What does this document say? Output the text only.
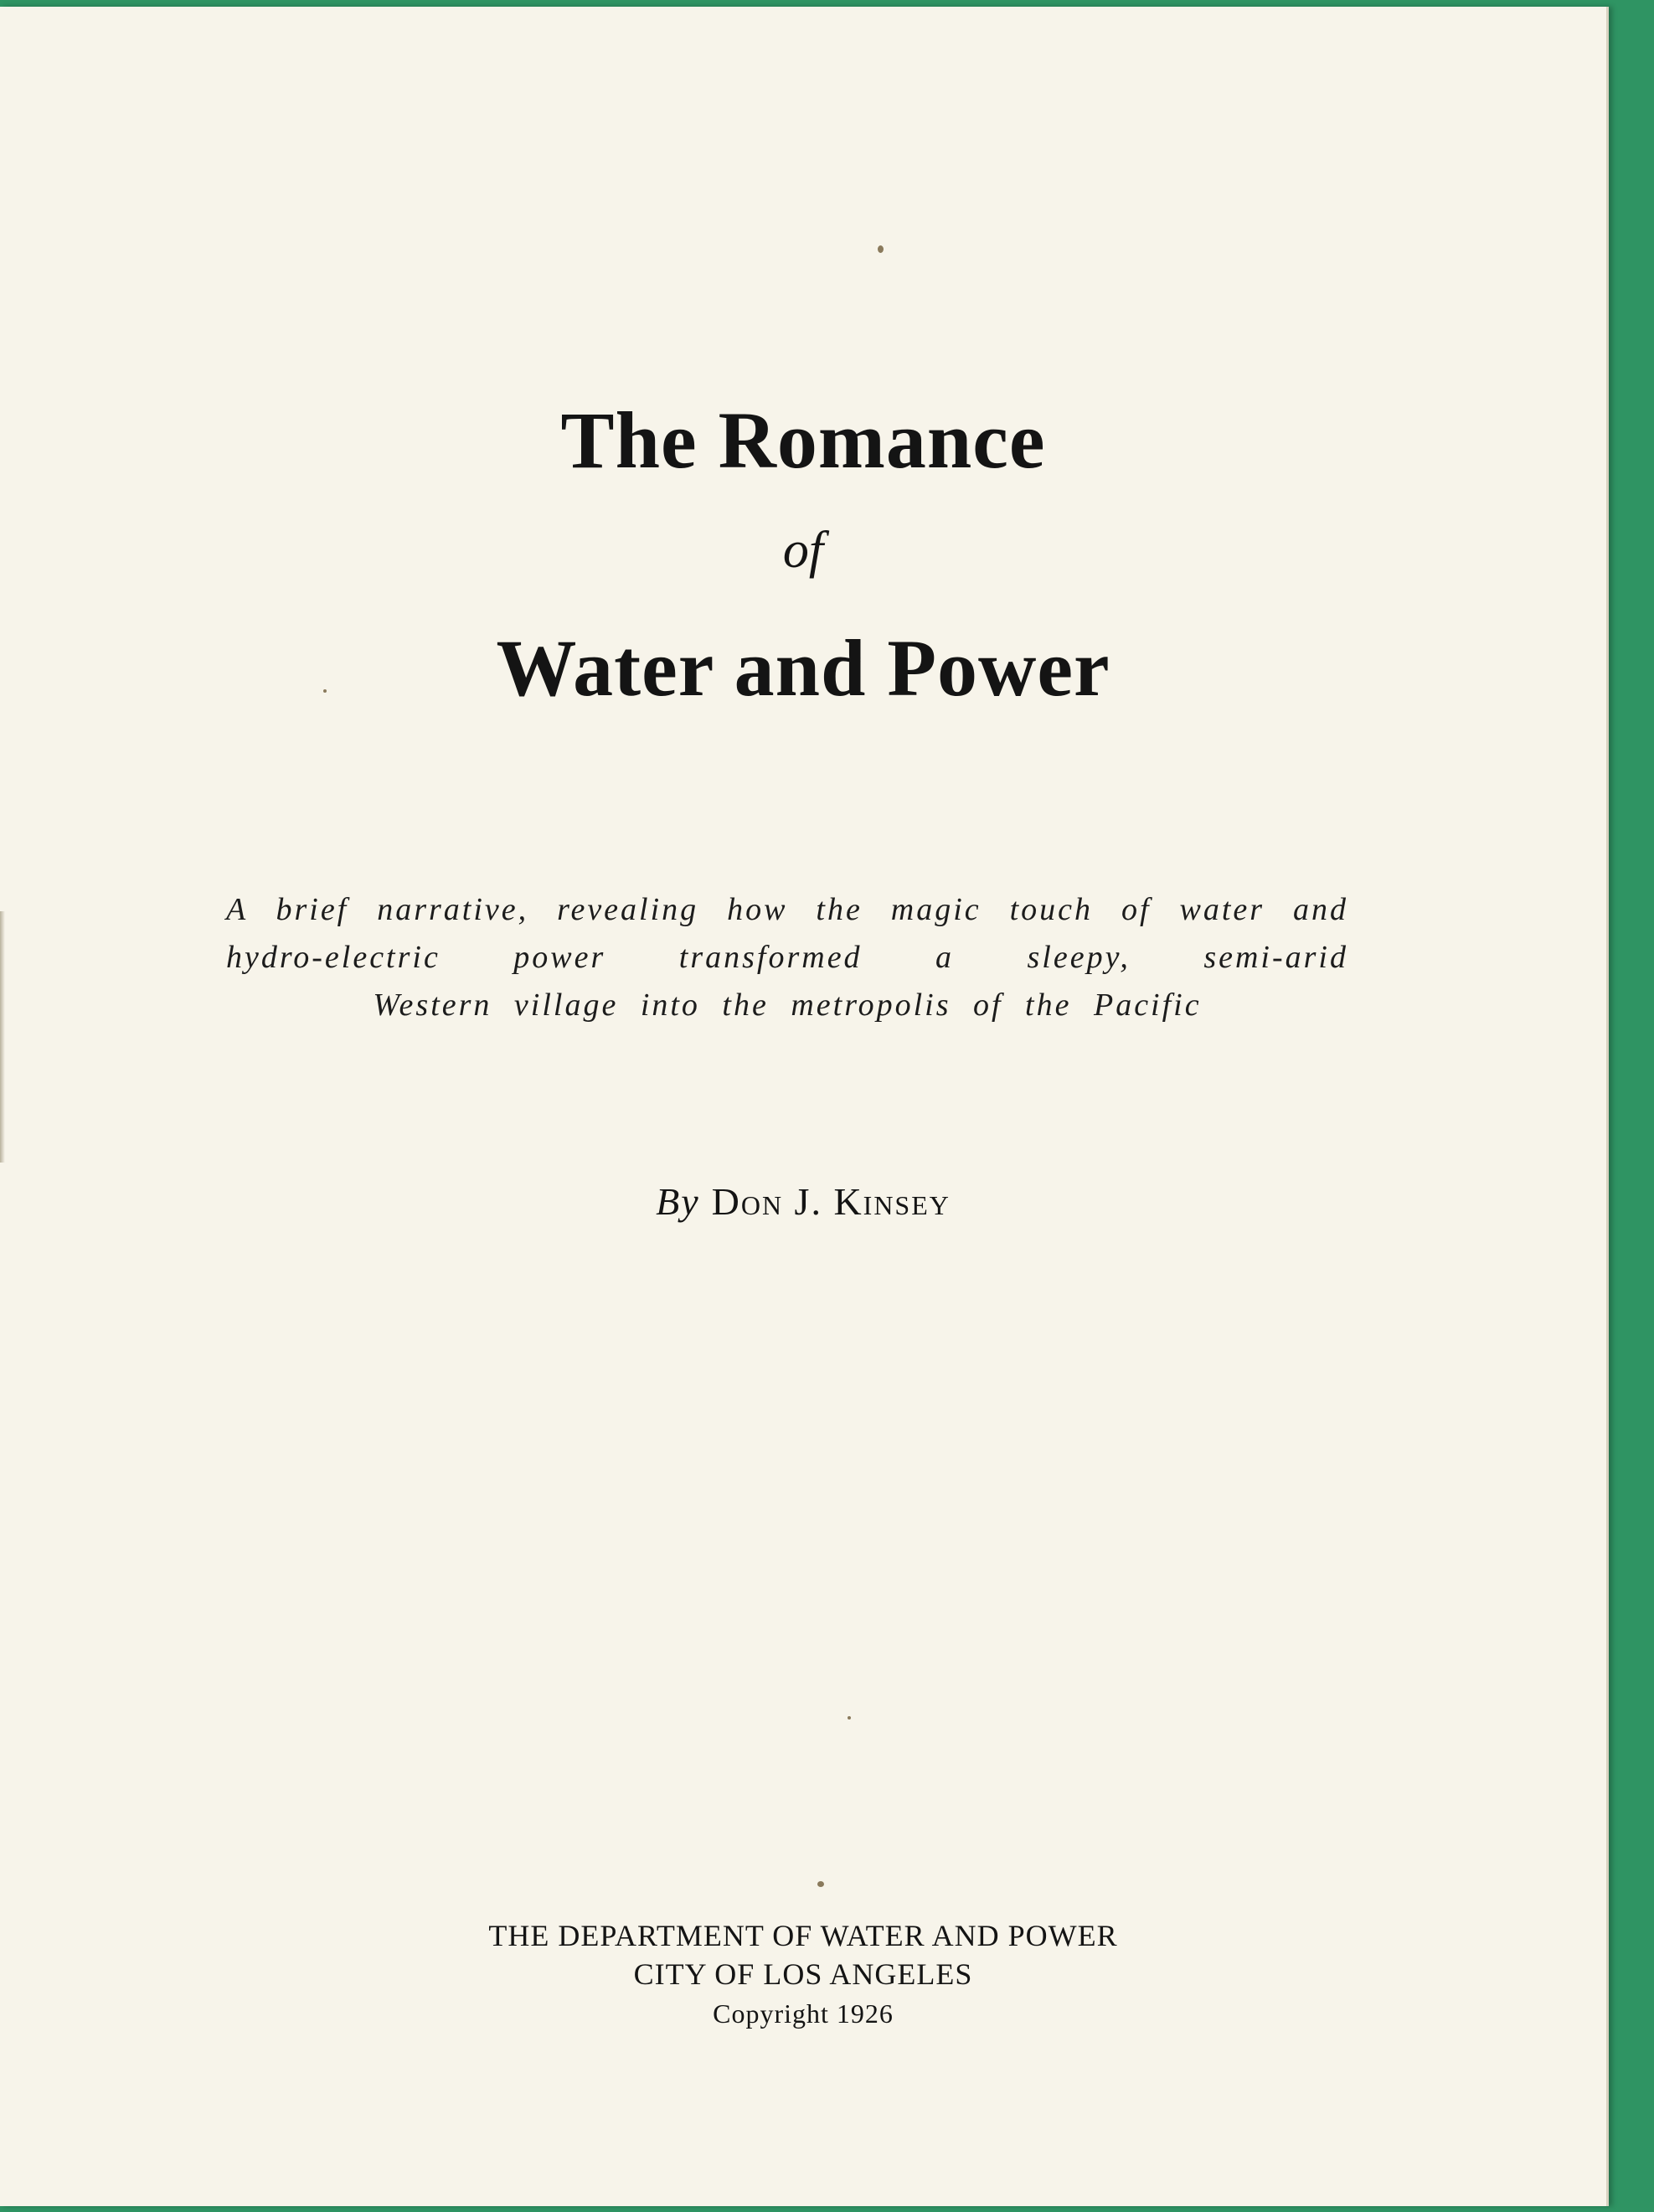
The Romance
of
Water and Power

A brief narrative, revealing how the magic touch of water and hydro-electric power transformed a sleepy, semi-arid
Western village into the metropolis of the Pacific

By Don J. Kinsey
THE DEPARTMENT OF WATER AND POWER
CITY OF LOS ANGELES
Copyright 1926
